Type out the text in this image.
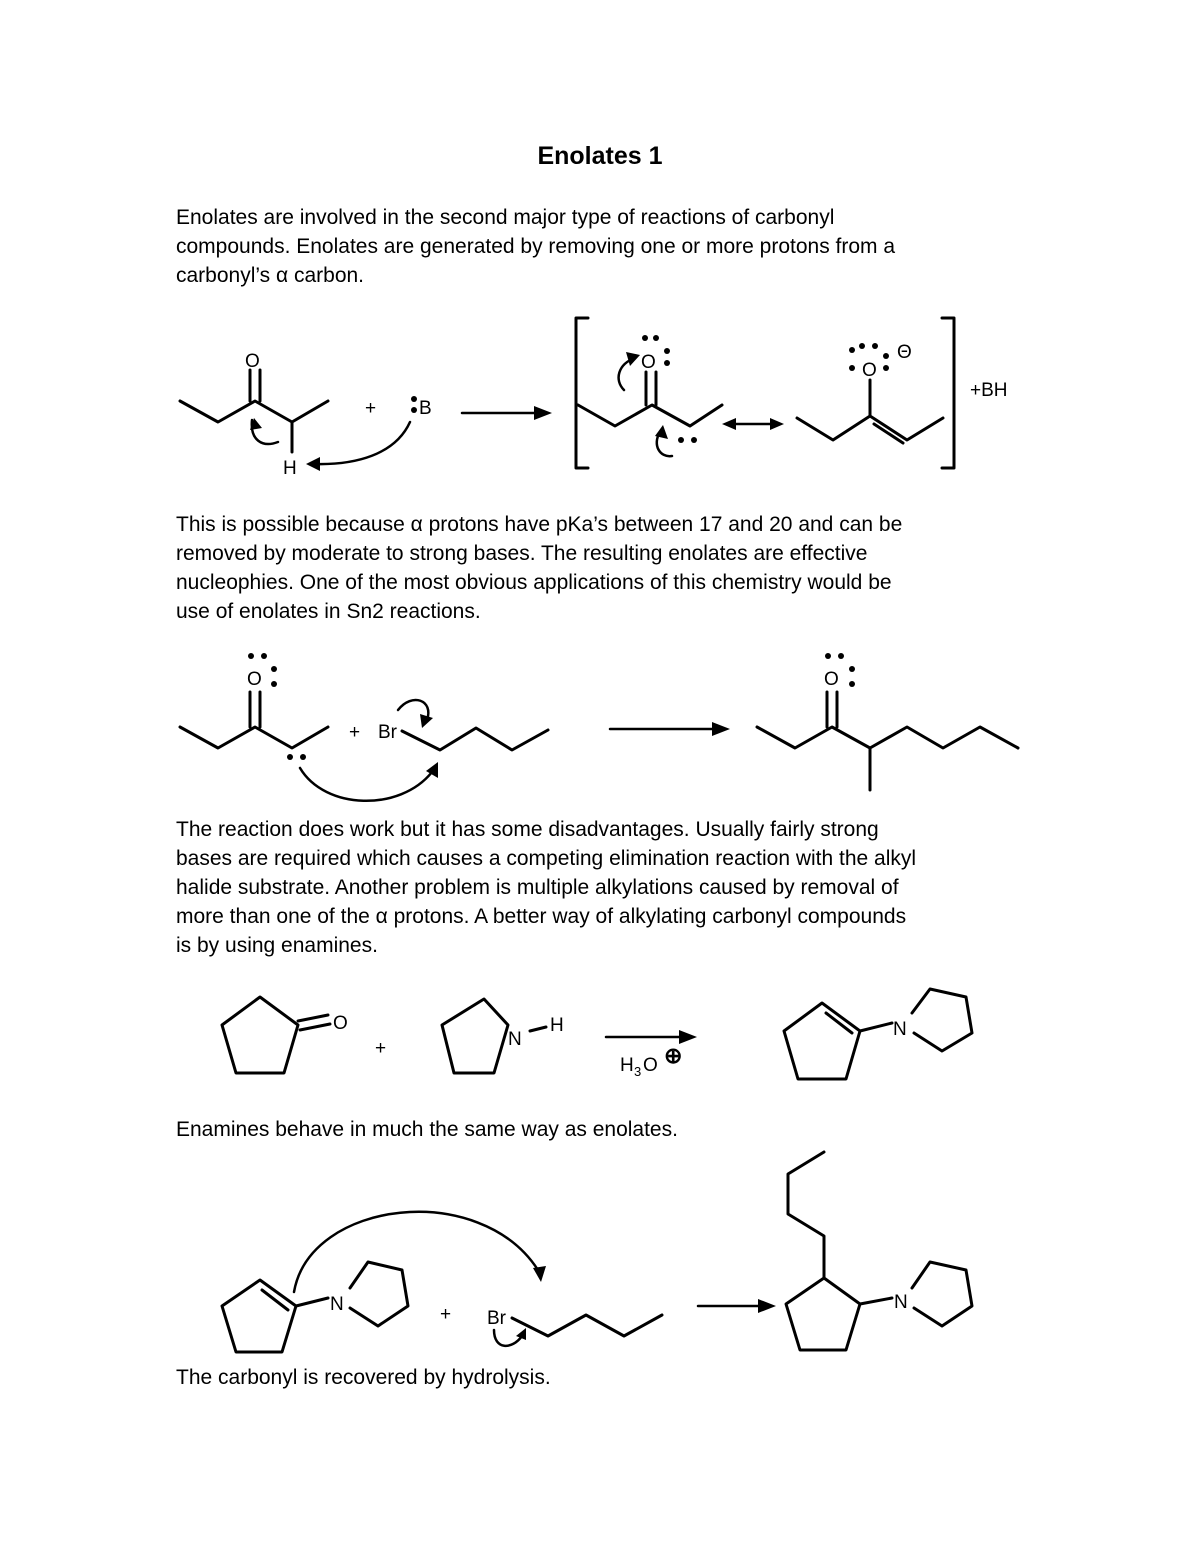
Enolates 1
Enolates are involved in the second major type of reactions of carbonyl
compounds. Enolates are generated by removing one or more protons from a
carbonyl’s α carbon.
O
H
+ B
O	O
Θ
+BH
This is possible because α protons have pKa’s between 17 and 20 and can be
removed by moderate to strong bases. The resulting enolates are effective
nucleophies. One of the most obvious applications of this chemistry would be
use of enolates in Sn2 reactions.
O
+ Br
O
The reaction does work but it has some disadvantages. Usually fairly strong
bases are required which causes a competing elimination reaction with the alkyl
halide substrate. Another problem is multiple alkylations caused by removal of
more than one of the α protons. A better way of alkylating carbonyl compounds
is by using enamines.
O
+	N
H
H 3 O ⊕
N
Enamines behave in much the same way as enolates.
N	+ Br
N
The carbonyl is recovered by hydrolysis.
